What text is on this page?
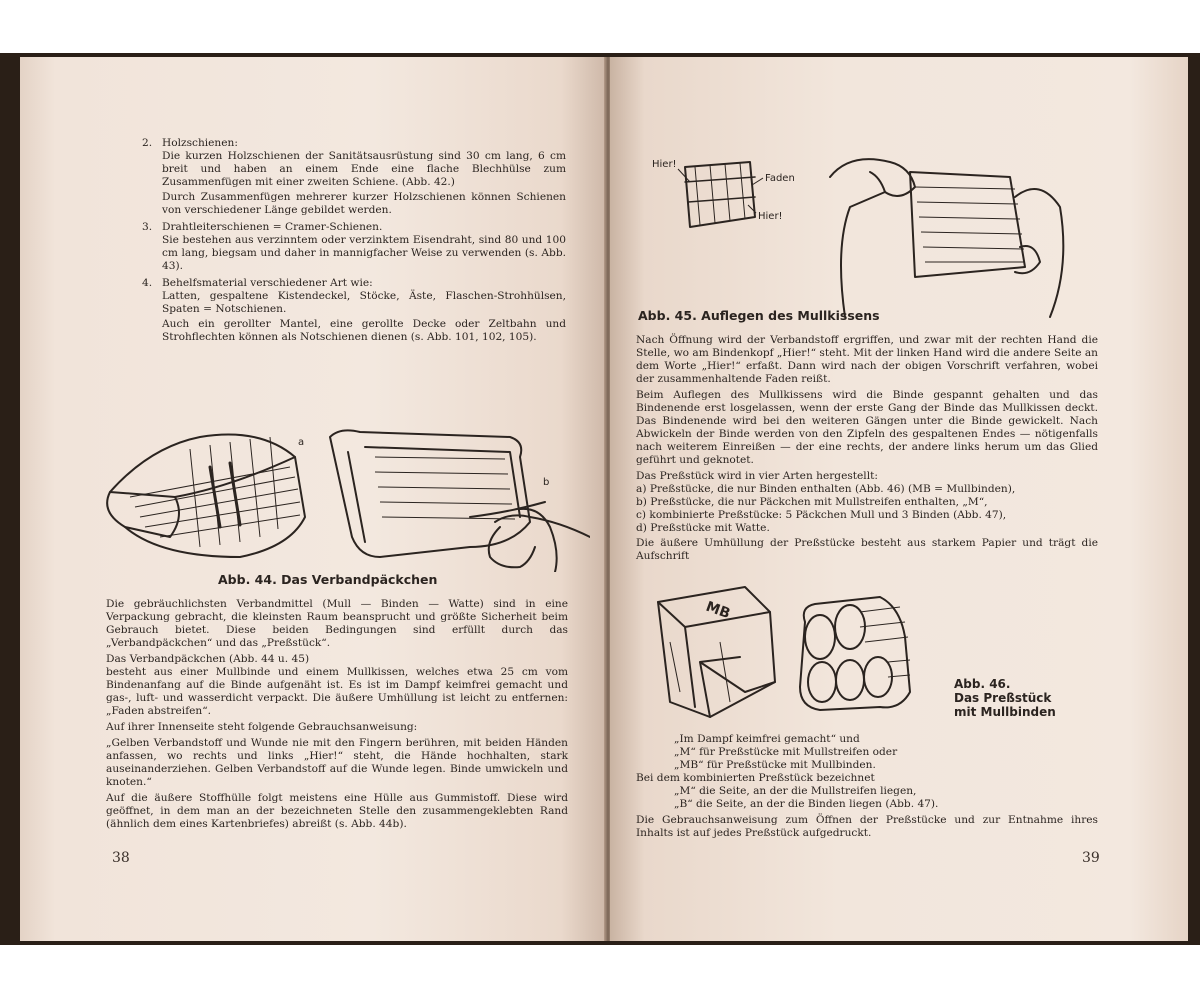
2. Holzschienen:

Die kurzen Holzschienen der Sanitätsausrüstung sind 30 cm lang, 6 cm breit und haben an einem Ende eine flache Blechhülse zum Zusammenfügen mit einer zweiten Schiene. (Abb. 42.)

Durch Zusammenfügen mehrerer kurzer Holzschienen können Schienen von verschiedener Länge gebildet werden.

3. Drahtleiterschienen = Cramer-Schienen.

Sie bestehen aus verzinntem oder verzinktem Eisendraht, sind 80 und 100 cm lang, biegsam und daher in mannigfacher Weise zu verwenden (s. Abb. 43).

4. Behelfsmaterial verschiedener Art wie:

Latten, gespaltene Kistendeckel, Stöcke, Äste, Flaschen-Strohhülsen, Spaten = Notschienen.

Auch ein gerollter Mantel, eine gerollte Decke oder Zeltbahn und Strohflechten können als Notschienen dienen (s. Abb. 101, 102, 105).

a
b
Abb. 44. Das Verbandpäckchen

Die gebräuchlichsten Verbandmittel (Mull — Binden — Watte) sind in eine Verpackung gebracht, die kleinsten Raum beansprucht und größte Sicherheit beim Gebrauch bietet. Diese beiden Bedingungen sind erfüllt durch das „Verbandpäckchen“ und das „Preßstück“.

Das Verbandpäckchen (Abb. 44 u. 45)

besteht aus einer Mullbinde und einem Mullkissen, welches etwa 25 cm vom Bindenanfang auf die Binde aufgenäht ist. Es ist im Dampf keimfrei gemacht und gas-, luft- und wasserdicht verpackt. Die äußere Umhüllung ist leicht zu entfernen: „Faden abstreifen“.

Auf ihrer Innenseite steht folgende Gebrauchsanweisung:

„Gelben Verbandstoff und Wunde nie mit den Fingern berühren, mit beiden Händen anfassen, wo rechts und links „Hier!“ steht, die Hände hochhalten, stark auseinanderziehen. Gelben Verbandstoff auf die Wunde legen. Binde umwickeln und knoten.“

Auf die äußere Stoffhülle folgt meistens eine Hülle aus Gummistoff. Diese wird geöffnet, in dem man an der bezeichneten Stelle den zusammengeklebten Rand (ähnlich dem eines Kartenbriefes) abreißt (s. Abb. 44b).

38
Hier!
Faden
Hier!
Abb. 45. Auflegen des Mullkissens

Nach Öffnung wird der Verbandstoff ergriffen, und zwar mit der rechten Hand die Stelle, wo am Bindenkopf „Hier!“ steht. Mit der linken Hand wird die andere Seite an dem Worte „Hier!“ erfaßt. Dann wird nach der obigen Vorschrift verfahren, wobei der zusammenhaltende Faden reißt.

Beim Auflegen des Mullkissens wird die Binde gespannt gehalten und das Bindenende erst losgelassen, wenn der erste Gang der Binde das Mullkissen deckt. Das Bindenende wird bei den weiteren Gängen unter die Binde gewickelt. Nach Abwickeln der Binde werden von den Zipfeln des gespaltenen Endes — nötigenfalls nach weiterem Einreißen — der eine rechts, der andere links herum um das Glied geführt und geknotet.

Das Preßstück wird in vier Arten hergestellt:

a) Preßstücke, die nur Binden enthalten (Abb. 46) (MB = Mullbinden),
b) Preßstücke, die nur Päckchen mit Mullstreifen enthalten, „M“,
c) kombinierte Preßstücke: 5 Päckchen Mull und 3 Binden (Abb. 47),
d) Preßstücke mit Watte.

Die äußere Umhüllung der Preßstücke besteht aus starkem Papier und trägt die Aufschrift

MB
Abb. 46.
Das Preßstück
mit Mullbinden
„Im Dampf keimfrei gemacht“ und
„M“ für Preßstücke mit Mullstreifen oder
„MB“ für Preßstücke mit Mullbinden.
Bei dem kombinierten Preßstück bezeichnet
„M“ die Seite, an der die Mullstreifen liegen,
„B“ die Seite, an der die Binden liegen (Abb. 47).

Die Gebrauchsanweisung zum Öffnen der Preßstücke und zur Entnahme ihres Inhalts ist auf jedes Preßstück aufgedruckt.

39
